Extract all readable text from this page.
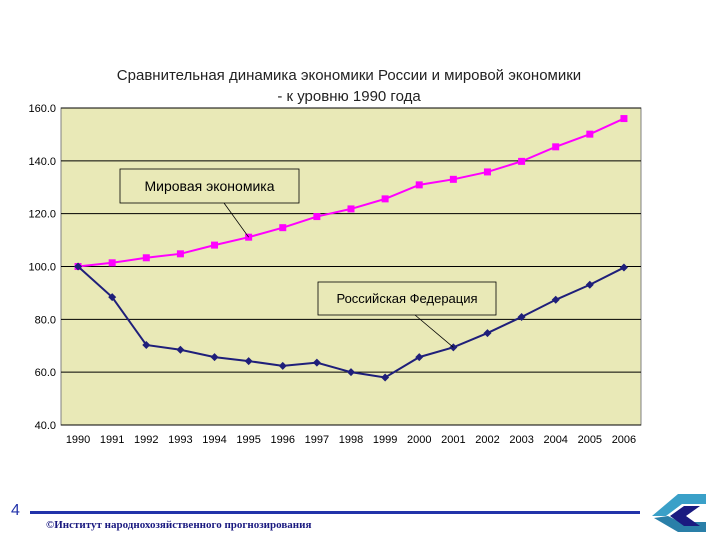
Сравнительная динамика экономики России и мировой экономики
- к уровню 1990 года
40.0
60.0
80.0
100.0
120.0
140.0
160.0
1990 1991 1992 1993 1994 1995 1996 1997 1998 1999 2000 2001 2002 2003 2004 2005 2006
Мировая экономика
Российская Федерация
4
©Институт народнохозяйственного прогнозирования
